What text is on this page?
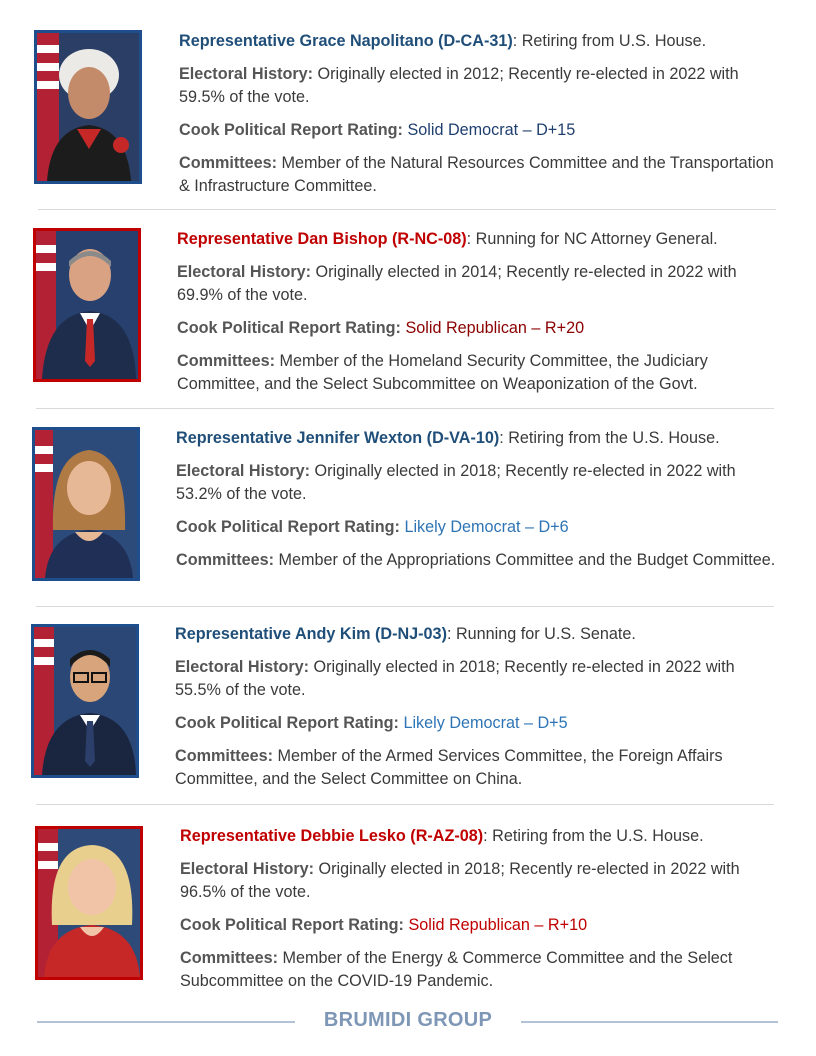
Representative Grace Napolitano (D-CA-31): Retiring from U.S. House.

Electoral History: Originally elected in 2012; Recently re-elected in 2022 with 59.5% of the vote.

Cook Political Report Rating: Solid Democrat – D+15

Committees: Member of the Natural Resources Committee and the Transportation & Infrastructure Committee.

Representative Dan Bishop (R-NC-08): Running for NC Attorney General.

Electoral History: Originally elected in 2014; Recently re-elected in 2022 with 69.9% of the vote.

Cook Political Report Rating: Solid Republican – R+20

Committees: Member of the Homeland Security Committee, the Judiciary Committee, and the Select Subcommittee on Weaponization of the Govt.

Representative Jennifer Wexton (D-VA-10): Retiring from the U.S. House.

Electoral History: Originally elected in 2018; Recently re-elected in 2022 with 53.2% of the vote.

Cook Political Report Rating: Likely Democrat – D+6

Committees: Member of the Appropriations Committee and the Budget Committee.

Representative Andy Kim (D-NJ-03): Running for U.S. Senate.

Electoral History: Originally elected in 2018; Recently re-elected in 2022 with 55.5% of the vote.

Cook Political Report Rating: Likely Democrat – D+5

Committees: Member of the Armed Services Committee, the Foreign Affairs Committee, and the Select Committee on China.

Representative Debbie Lesko (R-AZ-08): Retiring from the U.S. House.

Electoral History: Originally elected in 2018; Recently re-elected in 2022 with 96.5% of the vote.

Cook Political Report Rating: Solid Republican – R+10

Committees: Member of the Energy & Commerce Committee and the Select Subcommittee on the COVID-19 Pandemic.

BRUMIDI GROUP
